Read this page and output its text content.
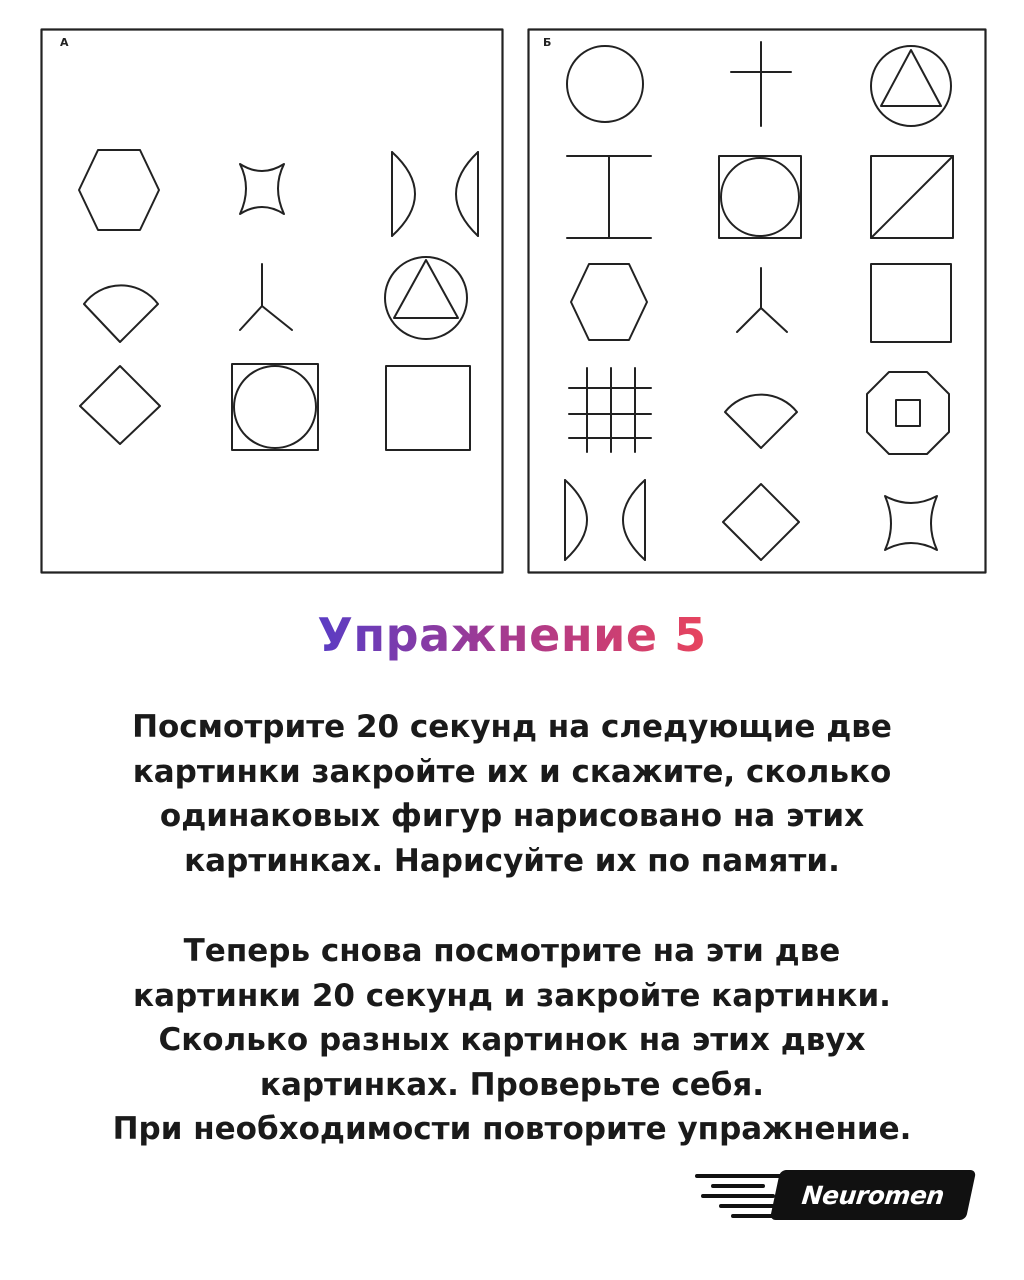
А	Б
Упражнение 5

Посмотрите 20 секунд на следующие две

картинки закройте их и скажите, сколько

одинаковых фигур нарисовано на этих

картинках. Нарисуйте их по памяти.

Теперь снова посмотрите на эти две

картинки 20 секунд и закройте картинки.

Сколько разных картинок на этих двух

картинках. Проверьте себя.

При необходимости повторите упражнение.

Neuromen
